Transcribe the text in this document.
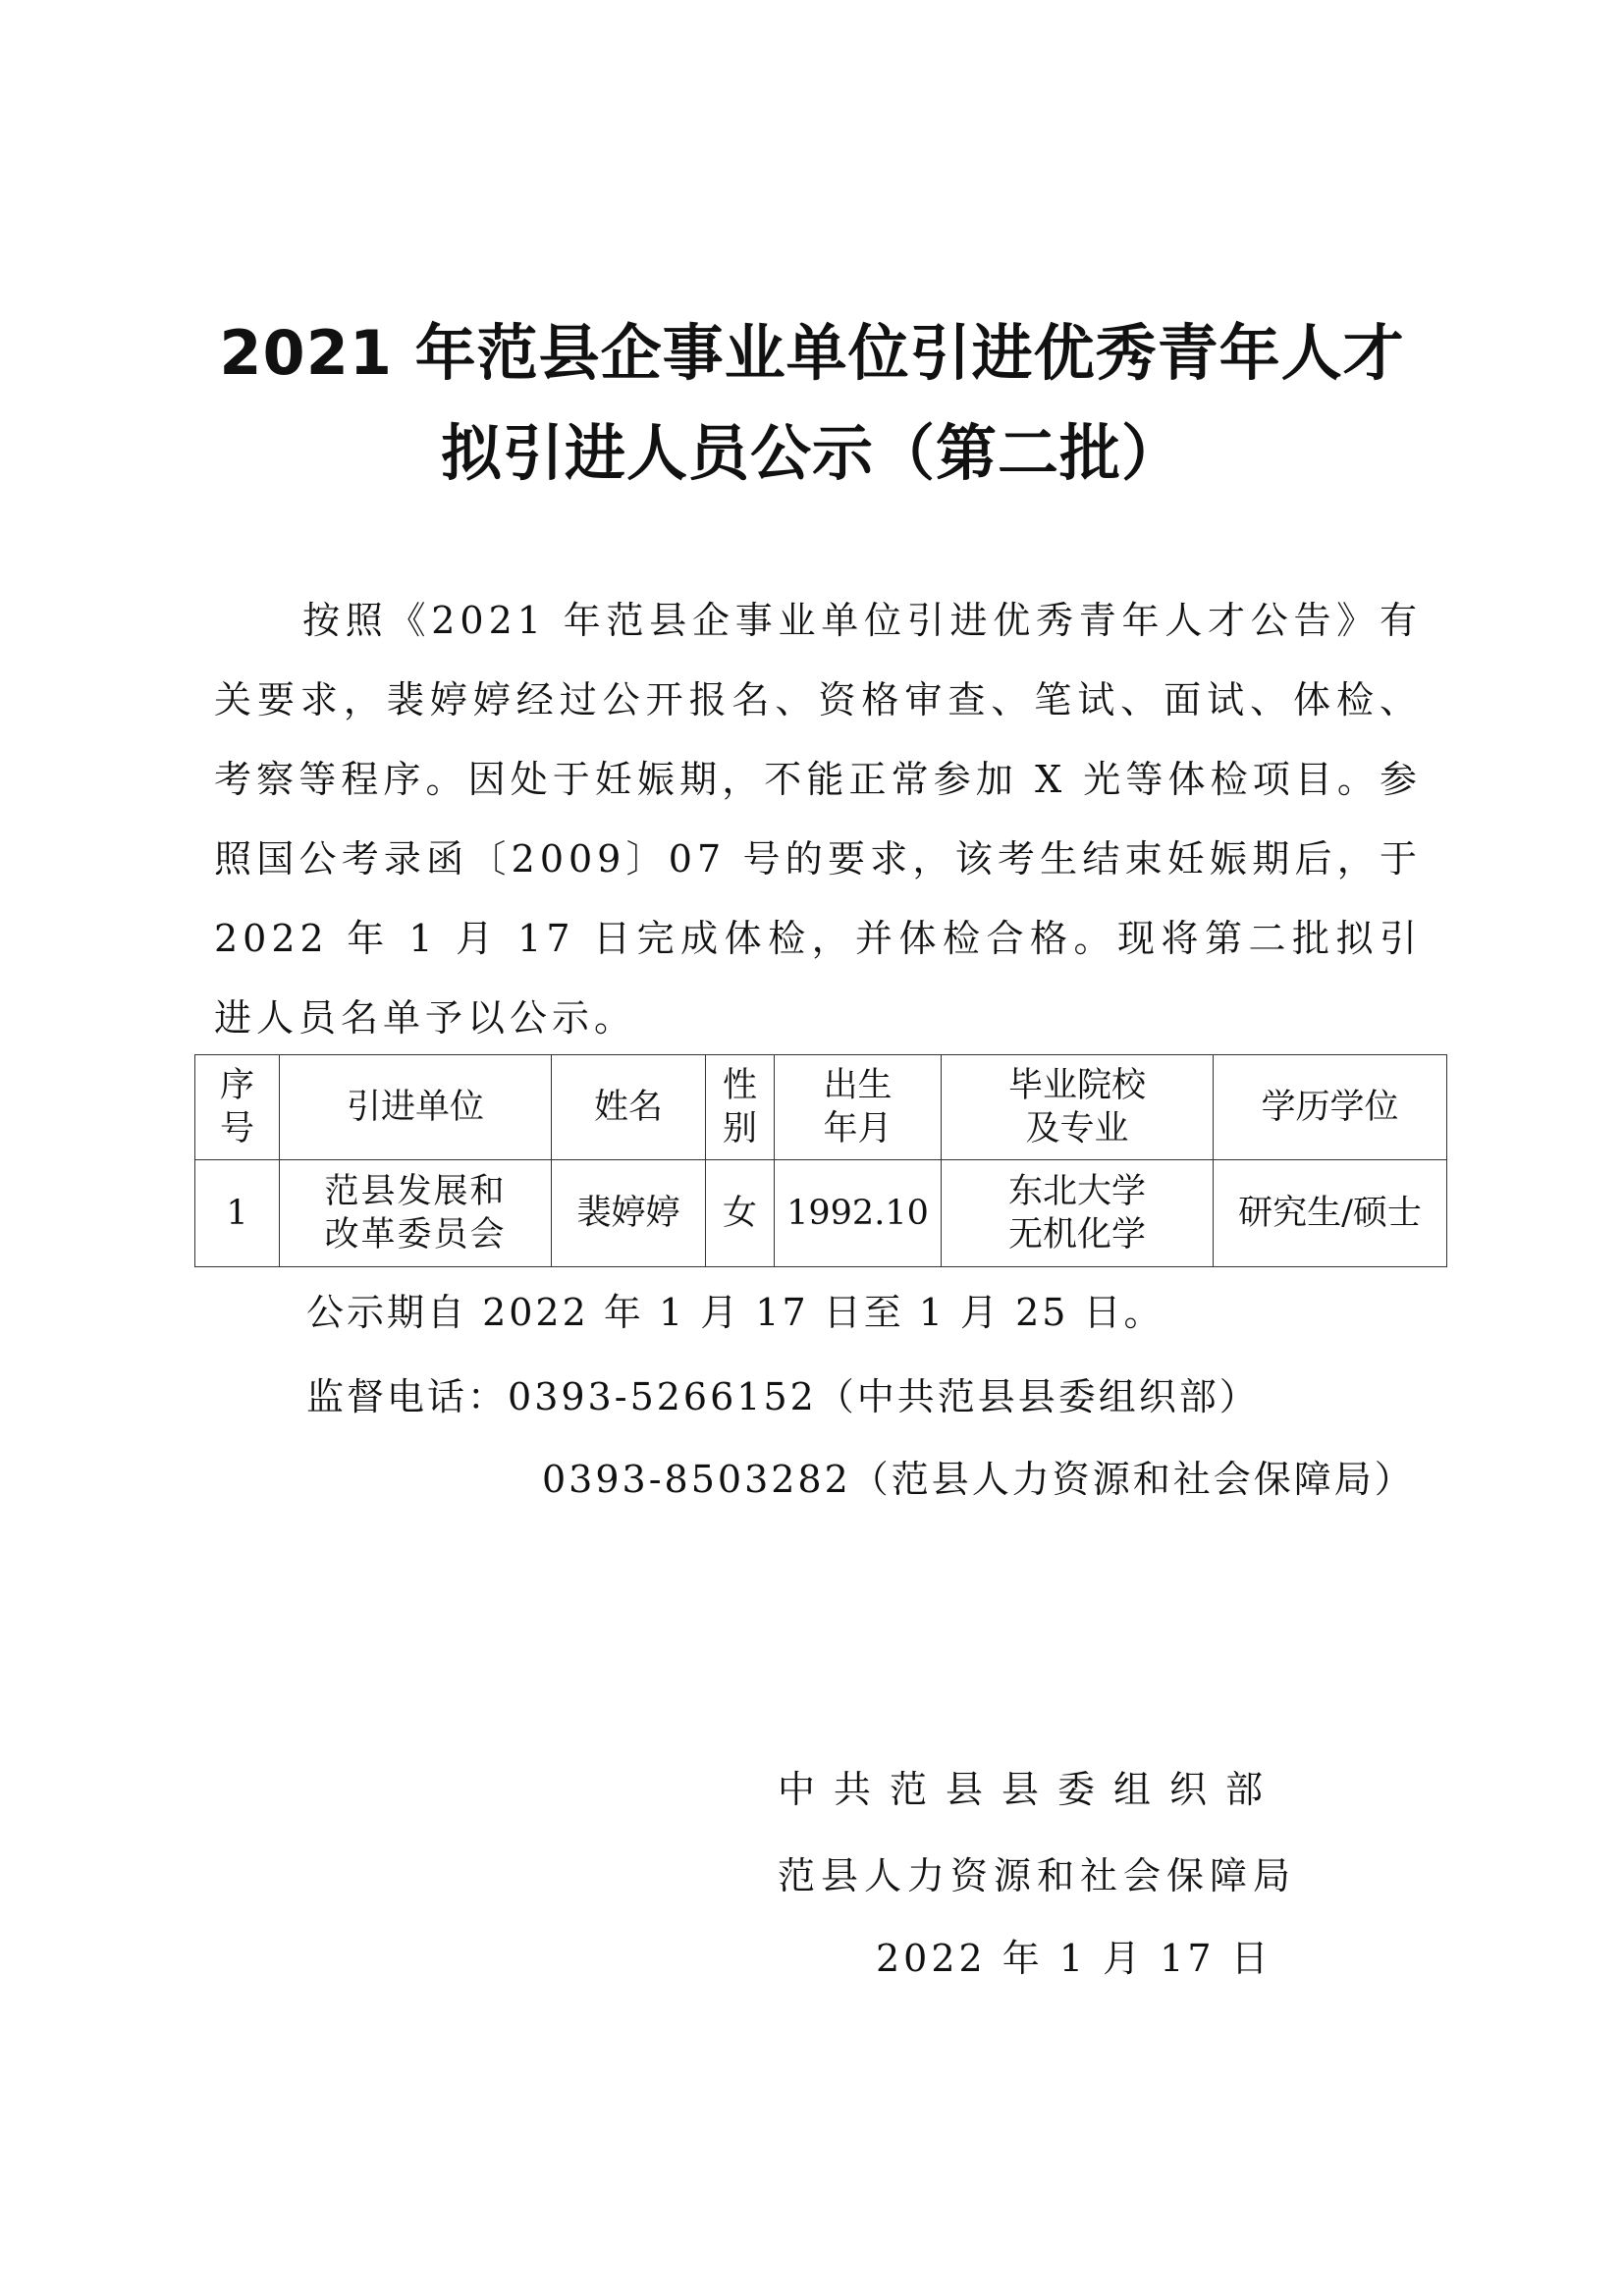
2021 年范县企事业单位引进优秀青年人才
拟引进人员公示（第二批）
按照《2021 年范县企事业单位引进优秀青年人才公告》有关要求，裴婷婷经过公开报名、资格审查、笔试、面试、体检、考察等程序。因处于妊娠期，不能正常参加 X 光等体检项目。参照国公考录函〔2009〕07 号的要求，该考生结束妊娠期后，于 2022 年 1 月 17 日完成体检，并体检合格。现将第二批拟引进人员名单予以公示。
序号	引进单位	姓名	性别	出生年月	毕业院校及专业	学历学位
1	范县发展和改革委员会	裴婷婷	女	1992.10	东北大学无机化学	研究生/硕士
公示期自 2022 年 1 月 17 日至 1 月 25 日。
监督电话：0393-5266152（中共范县县委组织部）
0393-8503282（范县人力资源和社会保障局）
中共范县县委组织部
范县人力资源和社会保障局
2022 年 1 月 17 日
